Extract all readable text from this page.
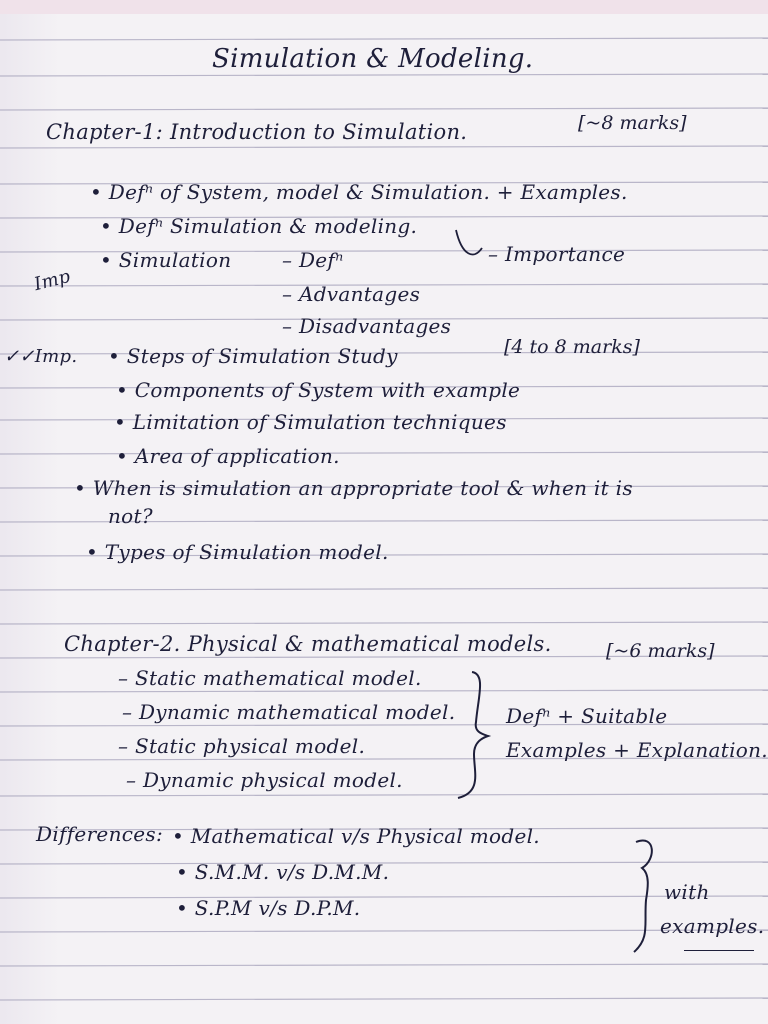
Simulation & Modeling.
Chapter-1: Introduction to Simulation.	[~8 marks]
• Defⁿ of System, model & Simulation. + Examples.
• Defⁿ Simulation & modeling.
Imp
• Simulation	– Defⁿ	– Importance
– Advantages
– Disadvantages
✓✓Imp. • Steps of Simulation Study	[4 to 8 marks]
• Components of System with example
• Limitation of Simulation techniques
• Area of application.
• When is simulation an appropriate tool & when it is
not?
• Types of Simulation model.
Chapter-2. Physical & mathematical models.	[~6 marks]
– Static mathematical model.
– Dynamic mathematical model.
– Static physical model.
– Dynamic physical model.
Defⁿ + Suitable
Examples + Explanation.
Differences: • Mathematical v/s Physical model.
• S.M.M. v/s D.M.M.
• S.P.M v/s D.P.M.
with
examples.
